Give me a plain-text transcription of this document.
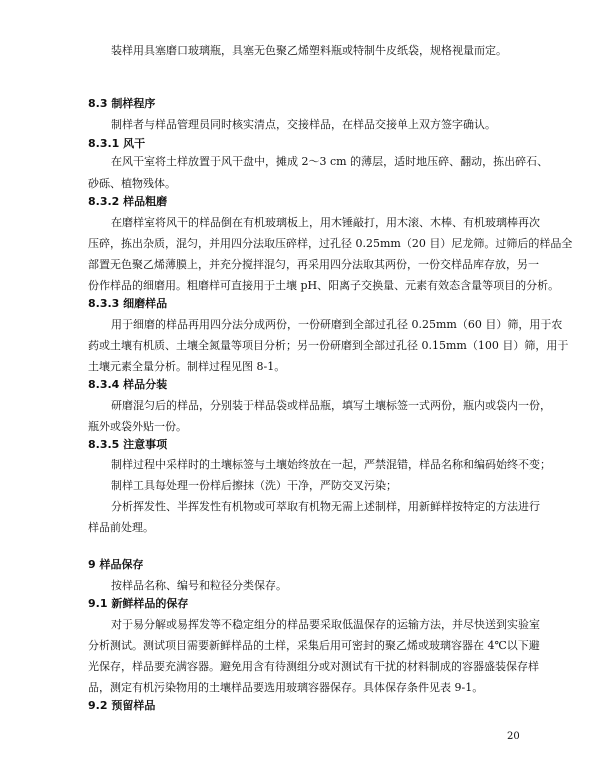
装样用具塞磨口玻璃瓶，具塞无色聚乙烯塑料瓶或特制牛皮纸袋，规格视量而定。
8.3 制样程序
制样者与样品管理员同时核实清点，交接样品，在样品交接单上双方签字确认。
8.3.1 风干
在风干室将土样放置于风干盘中，摊成 2～3 cm 的薄层，适时地压碎、翻动，拣出碎石、
砂砾、植物残体。
8.3.2 样品粗磨
在磨样室将风干的样品倒在有机玻璃板上，用木锤敲打，用木滚、木棒、有机玻璃棒再次
压碎，拣出杂质，混匀，并用四分法取压碎样，过孔径 0.25mm（20 目）尼龙筛。过筛后的样品全
部置无色聚乙烯薄膜上，并充分搅拌混匀，再采用四分法取其两份，一份交样品库存放，另一
份作样品的细磨用。粗磨样可直接用于土壤 pH、阳离子交换量、元素有效态含量等项目的分析。
8.3.3 细磨样品
用于细磨的样品再用四分法分成两份，一份研磨到全部过孔径 0.25mm（60 目）筛，用于农
药或土壤有机质、土壤全氮量等项目分析；另一份研磨到全部过孔径 0.15mm（100 目）筛，用于
土壤元素全量分析。制样过程见图 8-1。
8.3.4 样品分装
研磨混匀后的样品，分别装于样品袋或样品瓶，填写土壤标签一式两份，瓶内或袋内一份，
瓶外或袋外贴一份。
8.3.5 注意事项
制样过程中采样时的土壤标签与土壤始终放在一起，严禁混错，样品名称和编码始终不变；
制样工具每处理一份样后擦抹（洗）干净，严防交叉污染；
分析挥发性、半挥发性有机物或可萃取有机物无需上述制样，用新鲜样按特定的方法进行
样品前处理。
9 样品保存
按样品名称、编号和粒径分类保存。
9.1 新鲜样品的保存
对于易分解或易挥发等不稳定组分的样品要采取低温保存的运输方法，并尽快送到实验室
分析测试。测试项目需要新鲜样品的土样，采集后用可密封的聚乙烯或玻璃容器在 4℃以下避
光保存，样品要充满容器。避免用含有待测组分或对测试有干扰的材料制成的容器盛装保存样
品，测定有机污染物用的土壤样品要选用玻璃容器保存。具体保存条件见表 9-1。
9.2 预留样品
20
